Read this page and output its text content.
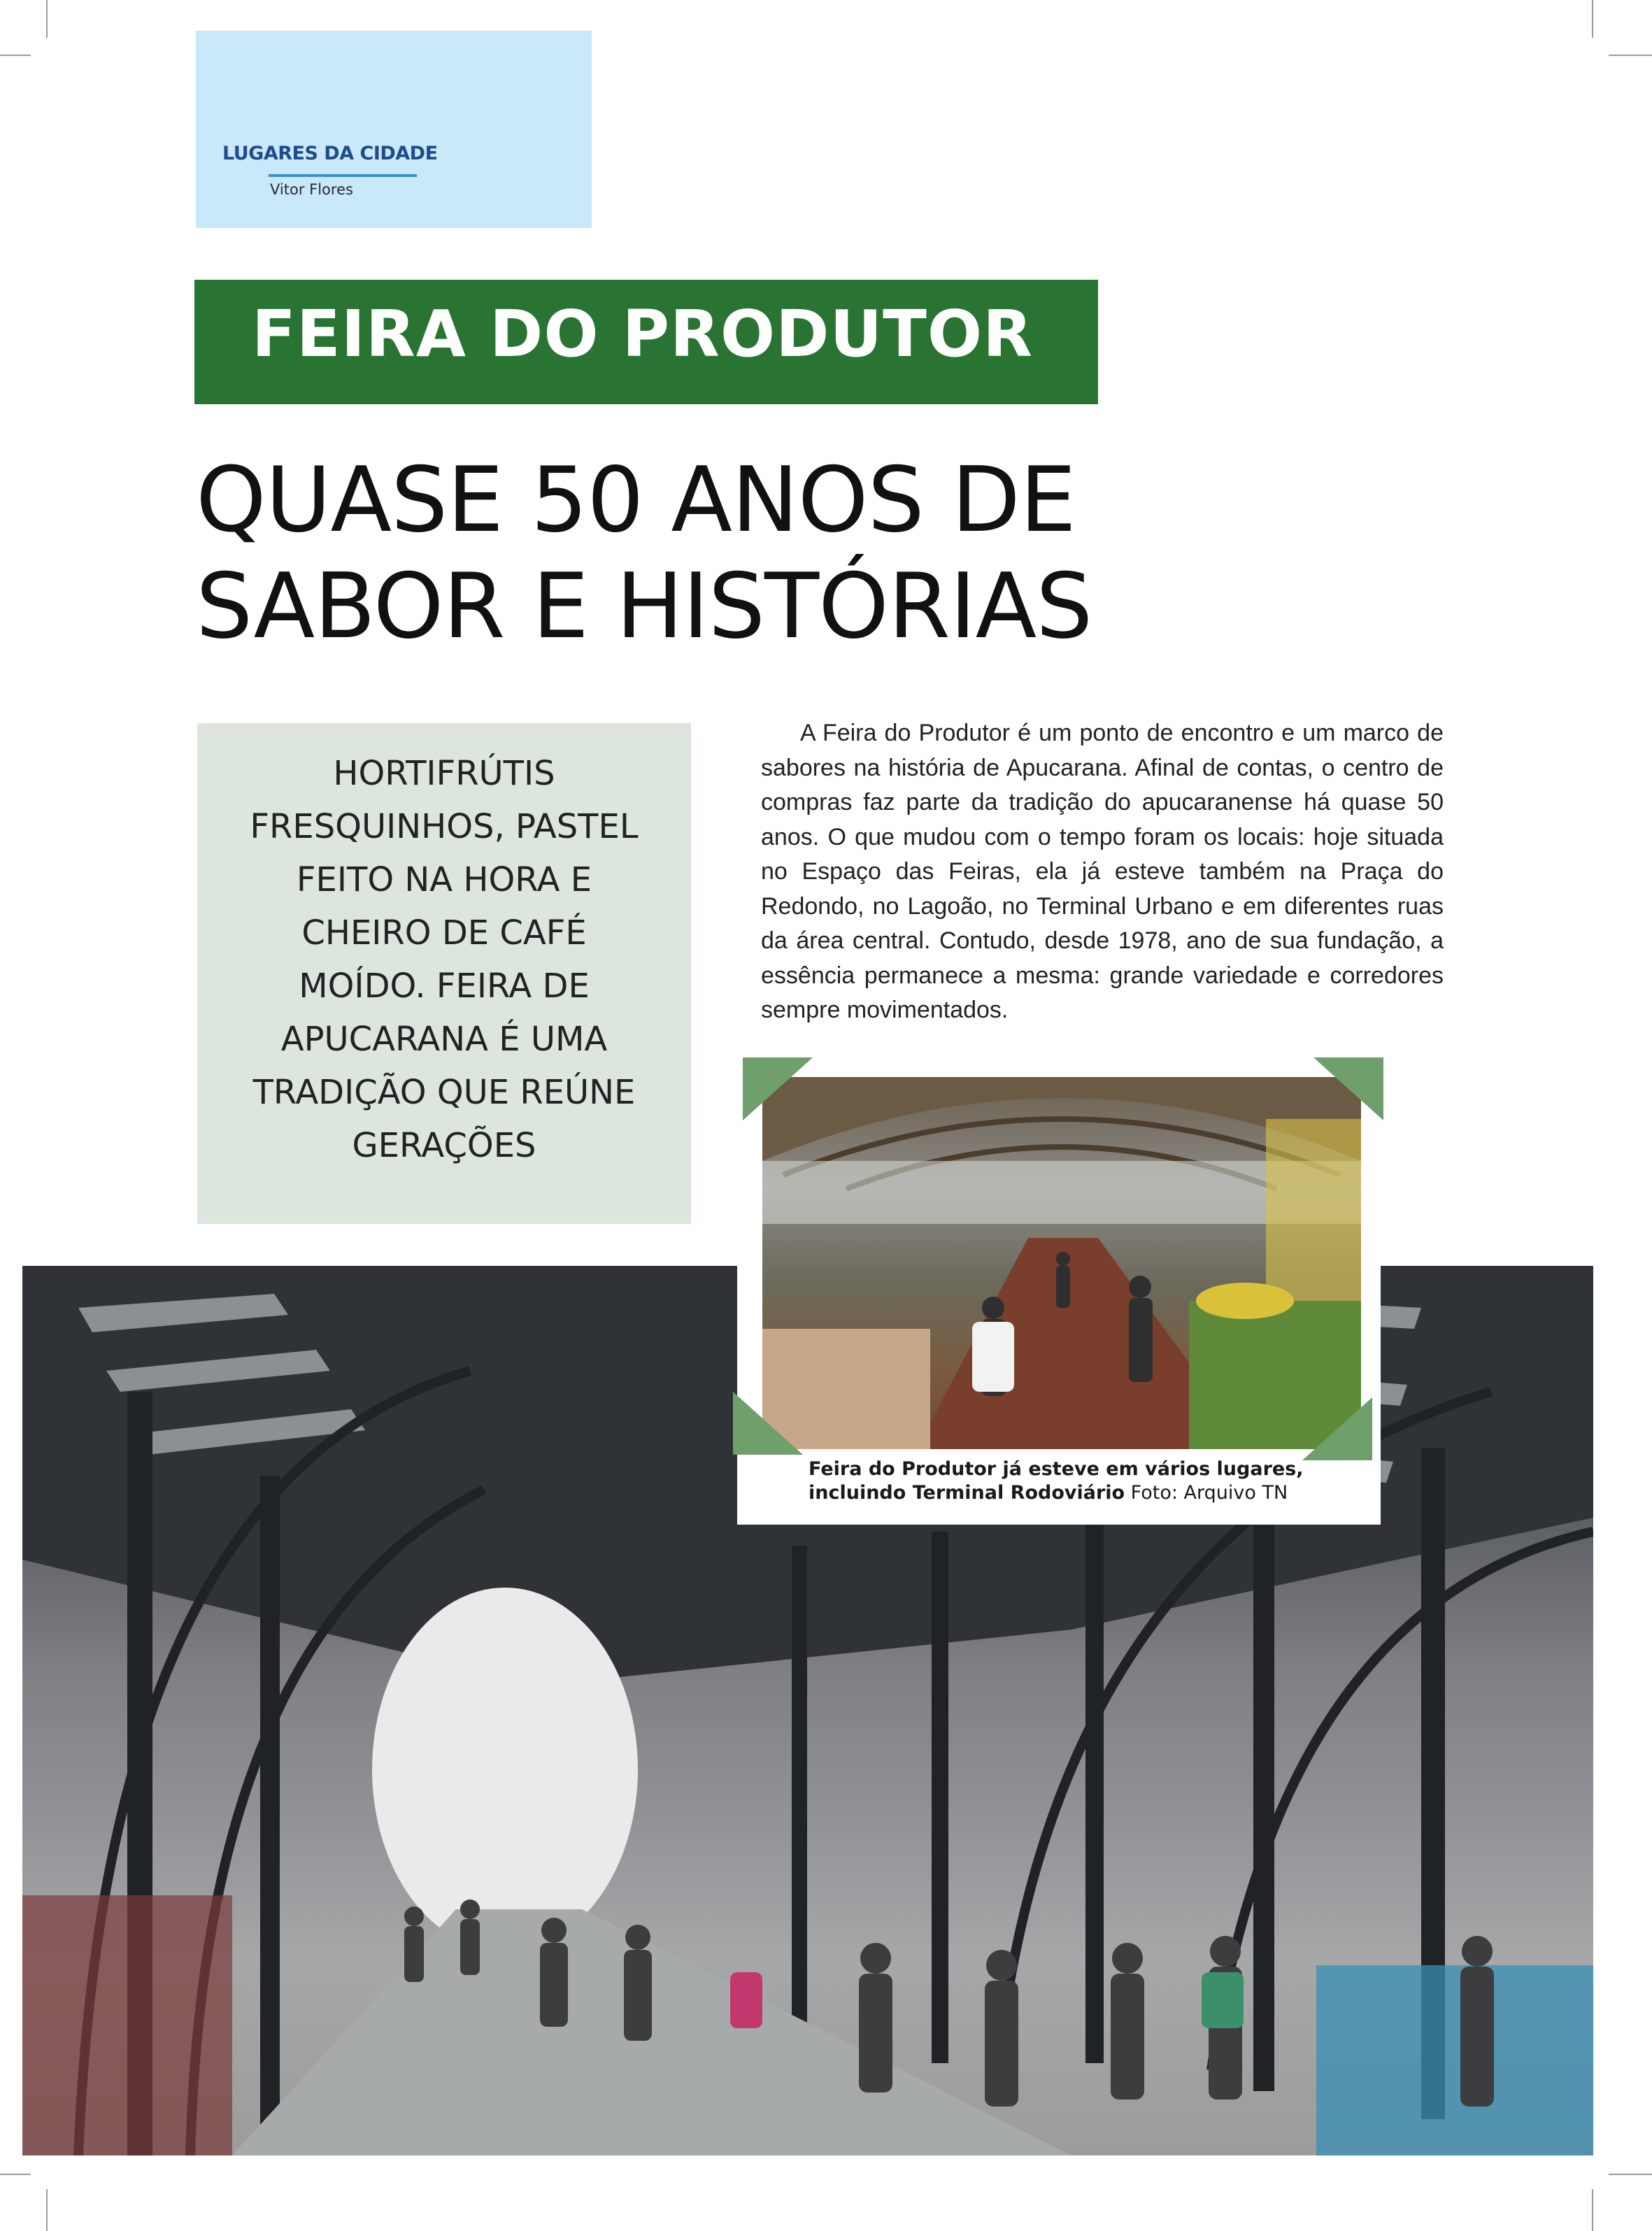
LUGARES DA CIDADE
Vitor Flores
FEIRA DO PRODUTOR
QUASE 50 ANOS DE
SABOR E HISTÓRIAS
HORTIFRÚTIS
FRESQUINHOS, PASTEL
FEITO NA HORA E
CHEIRO DE CAFÉ
MOÍDO. FEIRA DE
APUCARANA É UMA
TRADIÇÃO QUE REÚNE
GERAÇÕES
A Feira do Produtor é um ponto de encontro e um marco de sabores na história de Apucarana. Afinal de contas, o centro de compras faz parte da tradição do apucaranense há quase 50 anos. O que mudou com o tempo foram os locais: hoje situada no Espaço das Feiras, ela já esteve também na Praça do Redondo, no Lagoão, no Terminal Urbano e em diferentes ruas da área central. Contudo, desde 1978, ano de sua fundação, a essência permanece a mesma: grande variedade e corredores sempre movimentados.
Feira do Produtor já esteve em vários lugares,
incluindo Terminal Rodoviário Foto: Arquivo TN
